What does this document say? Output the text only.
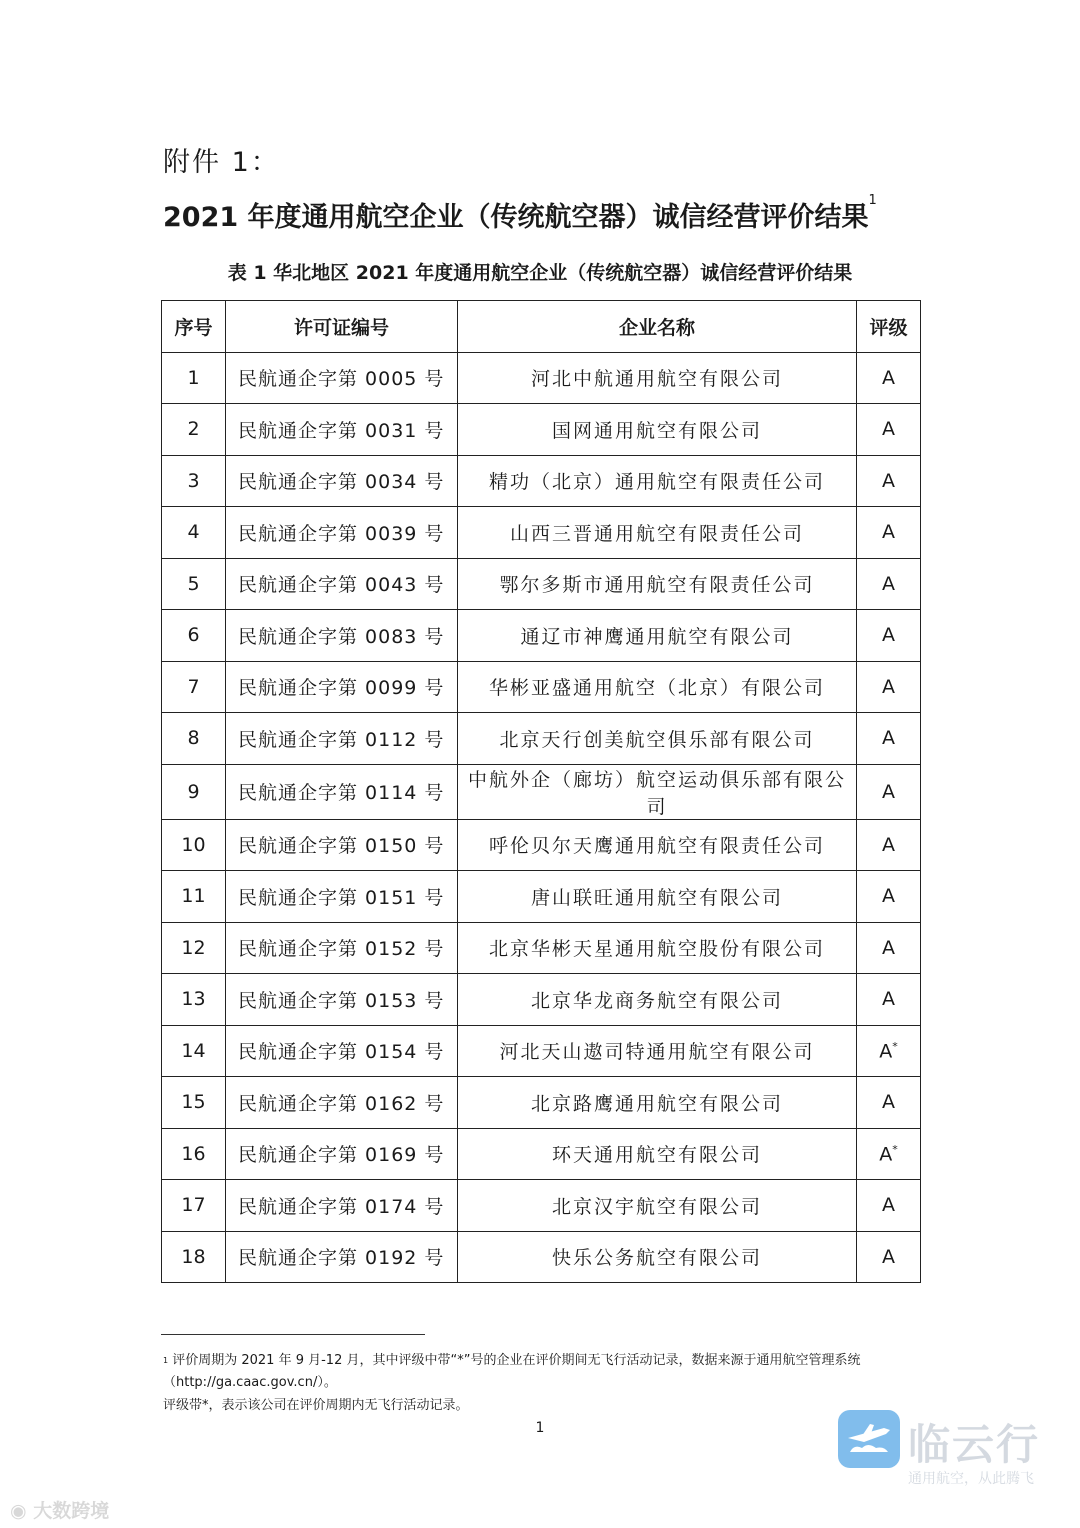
附件 1：
2021 年度通用航空企业（传统航空器）诚信经营评价结果$^1$
表 1 华北地区 2021 年度通用航空企业（传统航空器）诚信经营评价结果
序号	许可证编号	企业名称	评级
1	民航通企字第 0005 号	河北中航通用航空有限公司	A
2	民航通企字第 0031 号	国网通用航空有限公司	A
3	民航通企字第 0034 号	精功（北京）通用航空有限责任公司	A
4	民航通企字第 0039 号	山西三晋通用航空有限责任公司	A
5	民航通企字第 0043 号	鄂尔多斯市通用航空有限责任公司	A
6	民航通企字第 0083 号	通辽市神鹰通用航空有限公司	A
7	民航通企字第 0099 号	华彬亚盛通用航空（北京）有限公司	A
8	民航通企字第 0112 号	北京天行创美航空俱乐部有限公司	A
9	民航通企字第 0114 号	中航外企（廊坊）航空运动俱乐部有限公司	A
10	民航通企字第 0150 号	呼伦贝尔天鹰通用航空有限责任公司	A
11	民航通企字第 0151 号	唐山联旺通用航空有限公司	A
12	民航通企字第 0152 号	北京华彬天星通用航空股份有限公司	A
13	民航通企字第 0153 号	北京华龙商务航空有限公司	A
14	民航通企字第 0154 号	河北天山遨司特通用航空有限公司	A*
15	民航通企字第 0162 号	北京路鹰通用航空有限公司	A
16	民航通企字第 0169 号	环天通用航空有限公司	A*
17	民航通企字第 0174 号	北京汉宇航空有限公司	A
18	民航通企字第 0192 号	快乐公务航空有限公司	A
$^1$ 评价周期为 2021 年 9 月-12 月，其中评级中带“*”号的企业在评价期间无飞行活动记录，数据来源于通用航空管理系统（http://ga.caac.gov.cn/）。
评级带*，表示该公司在评价周期内无飞行活动记录。
1	临云行
通用航空，从此腾飞
◉ 大数跨境
